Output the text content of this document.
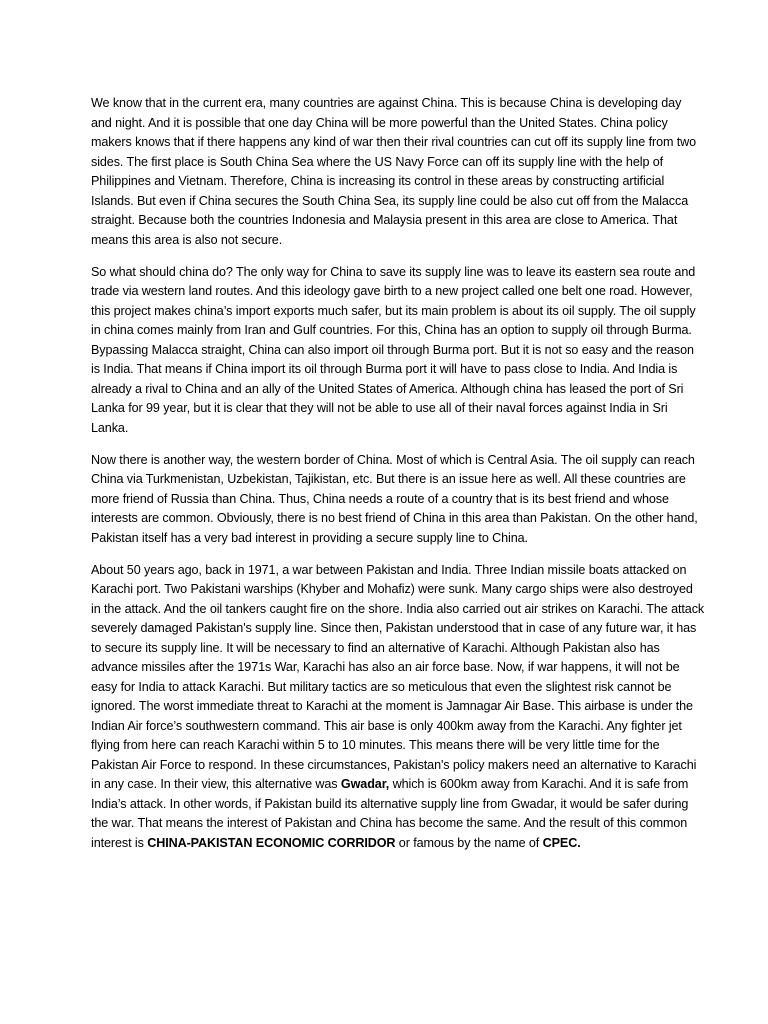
We know that in the current era, many countries are against China. This is because China is developing day and night. And it is possible that one day China will be more powerful than the United States. China policy makers knows that if there happens any kind of war then their rival countries can cut off its supply line from two sides. The first place is South China Sea where the US Navy Force can off its supply line with the help of Philippines and Vietnam. Therefore, China is increasing its control in these areas by constructing artificial Islands. But even if China secures the South China Sea, its supply line could be also cut off from the Malacca straight. Because both the countries Indonesia and Malaysia present in this area are close to America. That means this area is also not secure.

So what should china do? The only way for China to save its supply line was to leave its eastern sea route and trade via western land routes. And this ideology gave birth to a new project called one belt one road. However, this project makes china’s import exports much safer, but its main problem is about its oil supply. The oil supply in china comes mainly from Iran and Gulf countries. For this, China has an option to supply oil through Burma. Bypassing Malacca straight, China can also import oil through Burma port. But it is not so easy and the reason is India. That means if China import its oil through Burma port it will have to pass close to India. And India is already a rival to China and an ally of the United States of America. Although china has leased the port of Sri Lanka for 99 year, but it is clear that they will not be able to use all of their naval forces against India in Sri Lanka.

Now there is another way, the western border of China. Most of which is Central Asia. The oil supply can reach China via Turkmenistan, Uzbekistan, Tajikistan, etc. But there is an issue here as well. All these countries are more friend of Russia than China. Thus, China needs a route of a country that is its best friend and whose interests are common. Obviously, there is no best friend of China in this area than Pakistan. On the other hand, Pakistan itself has a very bad interest in providing a secure supply line to China.

About 50 years ago, back in 1971, a war between Pakistan and India. Three Indian missile boats attacked on Karachi port. Two Pakistani warships (Khyber and Mohafiz) were sunk. Many cargo ships were also destroyed in the attack. And the oil tankers caught fire on the shore. India also carried out air strikes on Karachi. The attack severely damaged Pakistan's supply line. Since then, Pakistan understood that in case of any future war, it has to secure its supply line. It will be necessary to find an alternative of Karachi. Although Pakistan also has advance missiles after the 1971s War, Karachi has also an air force base. Now, if war happens, it will not be easy for India to attack Karachi. But military tactics are so meticulous that even the slightest risk cannot be ignored. The worst immediate threat to Karachi at the moment is Jamnagar Air Base. This airbase is under the Indian Air force’s southwestern command. This air base is only 400km away from the Karachi. Any fighter jet flying from here can reach Karachi within 5 to 10 minutes. This means there will be very little time for the Pakistan Air Force to respond. In these circumstances, Pakistan's policy makers need an alternative to Karachi in any case. In their view, this alternative was Gwadar, which is 600km away from Karachi. And it is safe from India’s attack. In other words, if Pakistan build its alternative supply line from Gwadar, it would be safer during the war. That means the interest of Pakistan and China has become the same. And the result of this common interest is CHINA-PAKISTAN ECONOMIC CORRIDOR or famous by the name of CPEC.
